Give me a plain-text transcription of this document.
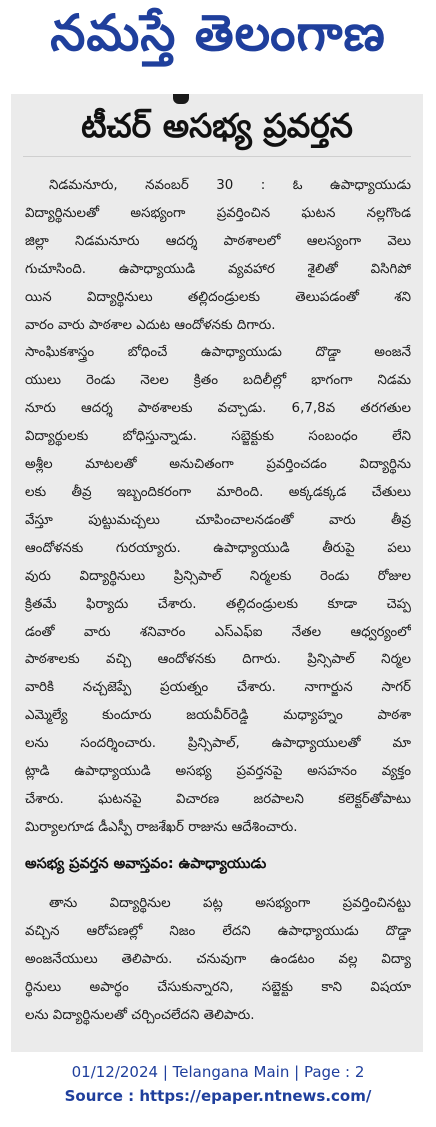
నమస్తే తెలంగాణ
టీచర్ అసభ్య ప్రవర్తన
నిడమనూరు, నవంబర్ 30 : ఓ ఉపాధ్యాయుడు
విద్యార్థినులతో అసభ్యంగా ప్రవర్తించిన ఘటన నల్లగొండ
జిల్లా నిడమనూరు ఆదర్శ పాఠశాలలో ఆలస్యంగా వెలు
గుచూసింది. ఉపాధ్యాయుడి వ్యవహార శైలితో విసిగిపో
యిన విద్యార్థినులు తల్లిదండ్రులకు తెలుపడంతో శని
వారం వారు పాఠశాల ఎదుట ఆందోళనకు దిగారు.
సాంఘికశాస్త్రం బోధించే ఉపాధ్యాయుడు దొడ్డా అంజనే
యులు రెండు నెలల క్రితం బదిలీల్లో భాగంగా నిడమ
నూరు ఆదర్శ పాఠశాలకు వచ్చాడు. 6,7,8వ తరగతుల
విద్యార్థులకు బోధిస్తున్నాడు. సబ్జెక్టుకు సంబంధం లేని
అశ్లీల మాటలతో అనుచితంగా ప్రవర్తించడం విద్యార్థిను
లకు తీవ్ర ఇబ్బందికరంగా మారింది. అక్కడక్కడ చేతులు
వేస్తూ పుట్టుమచ్చలు చూపించాలనడంతో వారు తీవ్ర
ఆందోళనకు గురయ్యారు. ఉపాధ్యాయుడి తీరుపై పలు
వురు విద్యార్థినులు ప్రిన్సిపాల్ నిర్మలకు రెండు రోజుల
క్రితమే ఫిర్యాదు చేశారు. తల్లిదండ్రులకు కూడా చెప్ప
డంతో వారు శనివారం ఎస్ఎఫ్ఐ నేతల ఆధ్వర్యంలో
పాఠశాలకు వచ్చి ఆందోళనకు దిగారు. ప్రిన్సిపాల్ నిర్మల
వారికి నచ్చజెప్పే ప్రయత్నం చేశారు. నాగార్జున సాగర్
ఎమ్మెల్యే కుందూరు జయవీర్‌రెడ్డి మధ్యాహ్నం పాఠశా
లను సందర్శించారు. ప్రిన్సిపాల్, ఉపాధ్యాయులతో మా
ట్లాడి ఉపాధ్యాయుడి అసభ్య ప్రవర్తనపై అసహనం వ్యక్తం
చేశారు. ఘటనపై విచారణ జరపాలని కలెక్టర్‌తోపాటు
మిర్యాలగూడ డీఎస్పీ రాజశేఖర్ రాజును ఆదేశించారు.
అసభ్య ప్రవర్తన అవాస్తవం: ఉపాధ్యాయుడు
తాను విద్యార్థినుల పట్ల అసభ్యంగా ప్రవర్తించినట్టు
వచ్చిన ఆరోపణల్లో నిజం లేదని ఉపాధ్యాయుడు దొడ్డా
అంజనేయులు తెలిపారు. చనువుగా ఉండటం వల్ల విద్యా
ర్థినులు అపార్థం చేసుకున్నారని, సబ్జెక్టు కాని విషయా
లను విద్యార్థినులతో చర్చించలేదని తెలిపారు.
01/12/2024 | Telangana Main | Page : 2
Source : https://epaper.ntnews.com/
